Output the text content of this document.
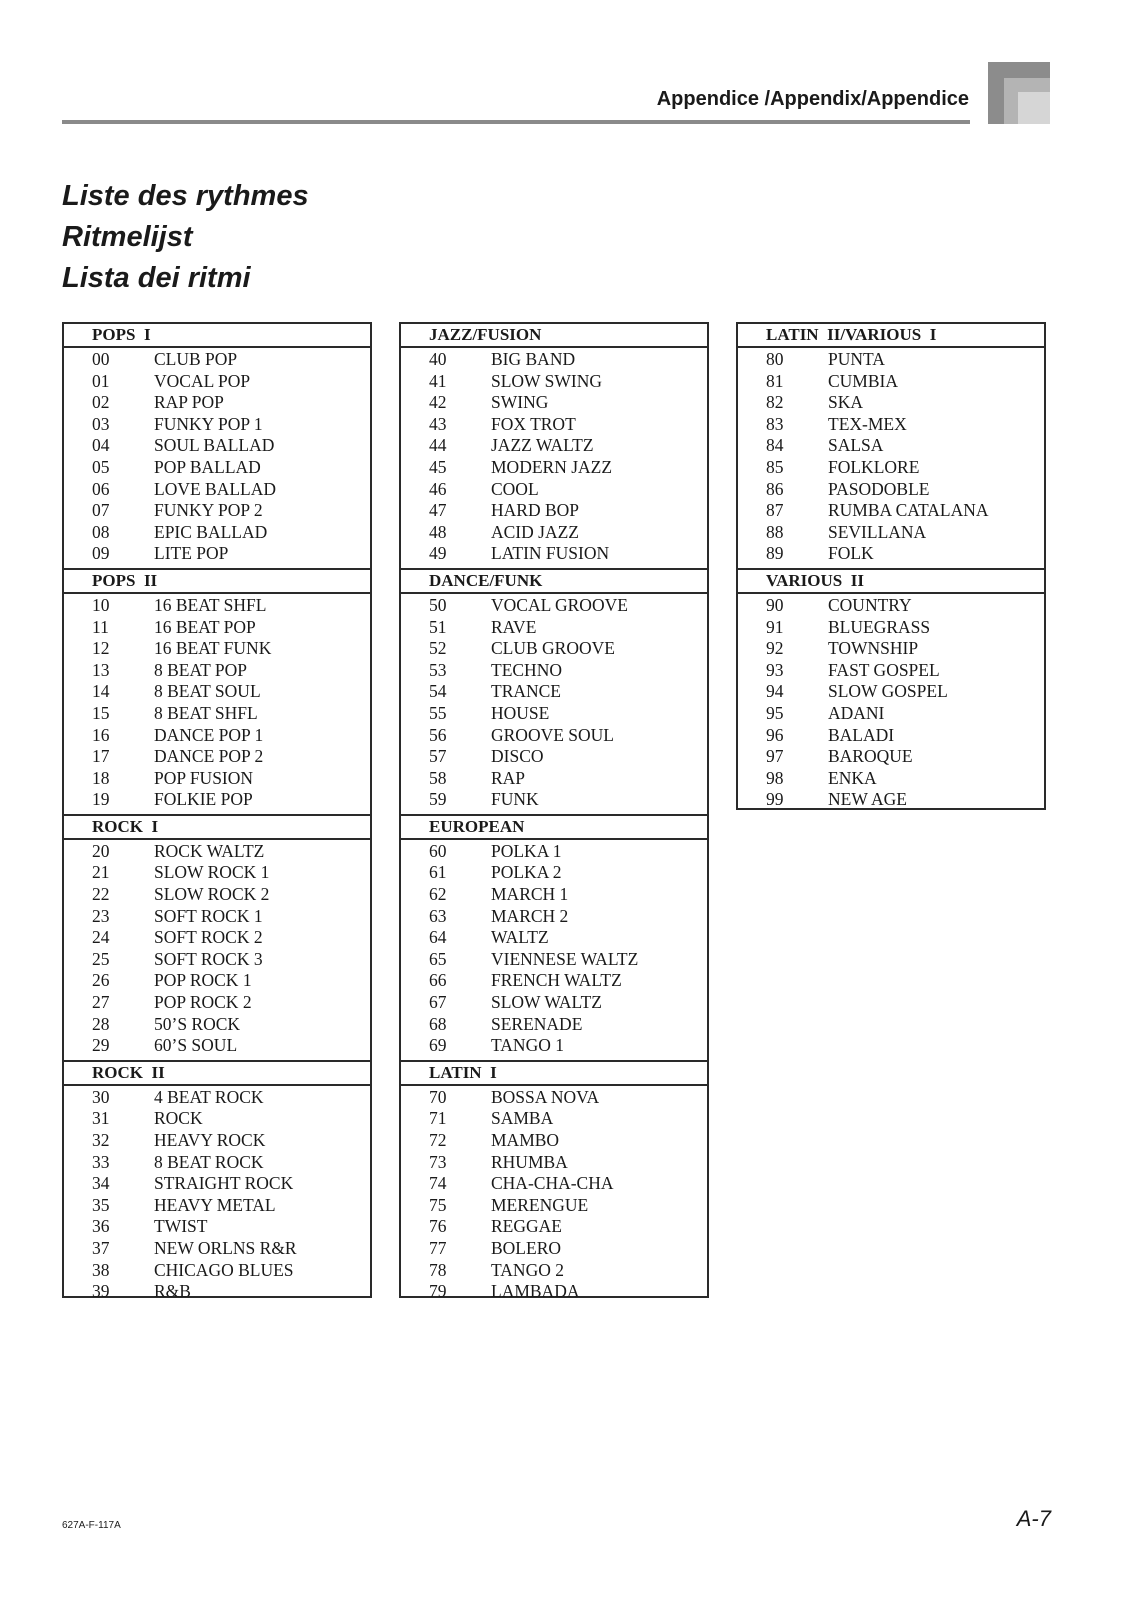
Appendice /Appendix/Appendice
Liste des rythmes
Ritmelijst
Lista dei ritmi
POPS  I
00	CLUB POP
01	VOCAL POP
02	RAP POP
03	FUNKY POP 1
04	SOUL BALLAD
05	POP BALLAD
06	LOVE BALLAD
07	FUNKY POP 2
08	EPIC BALLAD
09	LITE POP
POPS  II
10	16 BEAT SHFL
11	16 BEAT POP
12	16 BEAT FUNK
13	8 BEAT POP
14	8 BEAT SOUL
15	8 BEAT SHFL
16	DANCE POP 1
17	DANCE POP 2
18	POP FUSION
19	FOLKIE POP
ROCK  I
20	ROCK WALTZ
21	SLOW ROCK 1
22	SLOW ROCK 2
23	SOFT ROCK 1
24	SOFT ROCK 2
25	SOFT ROCK 3
26	POP ROCK 1
27	POP ROCK 2
28	50’S ROCK
29	60’S SOUL
ROCK  II
30	4 BEAT ROCK
31	ROCK
32	HEAVY ROCK
33	8 BEAT ROCK
34	STRAIGHT ROCK
35	HEAVY METAL
36	TWIST
37	NEW ORLNS R&R
38	CHICAGO BLUES
39	R&B
JAZZ/FUSION
40	BIG BAND
41	SLOW SWING
42	SWING
43	FOX TROT
44	JAZZ WALTZ
45	MODERN JAZZ
46	COOL
47	HARD BOP
48	ACID JAZZ
49	LATIN FUSION
DANCE/FUNK
50	VOCAL GROOVE
51	RAVE
52	CLUB GROOVE
53	TECHNO
54	TRANCE
55	HOUSE
56	GROOVE SOUL
57	DISCO
58	RAP
59	FUNK
EUROPEAN
60	POLKA 1
61	POLKA 2
62	MARCH 1
63	MARCH 2
64	WALTZ
65	VIENNESE WALTZ
66	FRENCH WALTZ
67	SLOW WALTZ
68	SERENADE
69	TANGO 1
LATIN  I
70	BOSSA NOVA
71	SAMBA
72	MAMBO
73	RHUMBA
74	CHA-CHA-CHA
75	MERENGUE
76	REGGAE
77	BOLERO
78	TANGO 2
79	LAMBADA
LATIN  II/VARIOUS  I
80	PUNTA
81	CUMBIA
82	SKA
83	TEX-MEX
84	SALSA
85	FOLKLORE
86	PASODOBLE
87	RUMBA CATALANA
88	SEVILLANA
89	FOLK
VARIOUS  II
90	COUNTRY
91	BLUEGRASS
92	TOWNSHIP
93	FAST GOSPEL
94	SLOW GOSPEL
95	ADANI
96	BALADI
97	BAROQUE
98	ENKA
99	NEW AGE
627A-F-117A	A-7
